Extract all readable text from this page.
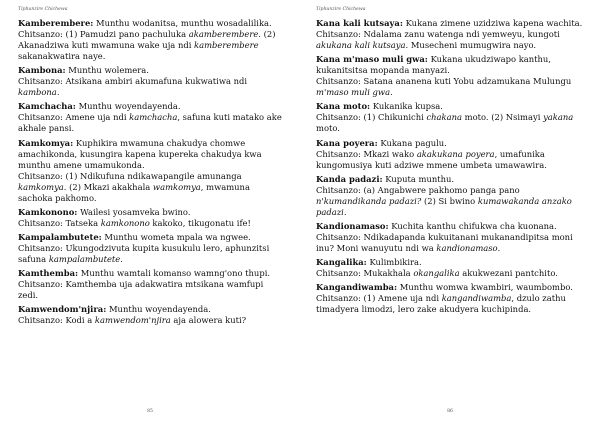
Tiphunzire Chichewa

Kamberembere: Munthu wodanitsa, munthu wosadalilika.

Chitsanzo: (1) Pamudzi pano pachuluka akamberembere. (2) Akanadziwa kuti mwamuna wake uja ndi kamberembere sakanakwatira naye.

Kambona: Munthu wolemera.

Chitsanzo: Atsikana ambiri akumafuna kukwatiwa ndi kambona.

Kamchacha: Munthu woyendayenda.

Chitsanzo: Amene uja ndi kamchacha, safuna kuti matako ake akhale pansi.

Kamkomya: Kuphikira mwamuna chakudya chomwe amachikonda, kusungira kapena kupereka chakudya kwa munthu amene umamukonda.

Chitsanzo: (1) Ndikufuna ndikawapangile amunanga kamkomya. (2) Mkazi akakhala wamkomya, mwamuna sachoka pakhomo.

Kamkonono: Wailesi yosamveka bwino.

Chitsanzo: Tatseka kamkonono kakoko, tikugonatu ife!

Kampalambutete: Munthu wometa mpala wa ngwee.

Chitsanzo: Ukungodzivuta kupita kusukulu lero, aphunzitsi safuna kampalambutete.

Kamthemba: Munthu wamtali komanso wamng'ono thupi.

Chitsanzo: Kamthemba uja adakwatira mtsikana wamfupi zedi.

Kamwendom'njira: Munthu woyendayenda.

Chitsanzo: Kodi a kamwendom'njira aja alowera kuti?

85
Tiphunzire Chichewa

Kana kali kutsaya: Kukana zimene uzidziwa kapena wachita.

Chitsanzo: Ndalama zanu watenga ndi yemweyu, kungoti akukana kali kutsaya. Musecheni mumugwira nayo.

Kana m'maso muli gwa: Kukana ukudziwapo kanthu, kukanitsitsa mopanda manyazi.

Chitsanzo: Satana ananena kuti Yobu adzamukana Mulungu m'maso muli gwa.

Kana moto: Kukanika kupsa.

Chitsanzo: (1) Chikunichi chakana moto. (2) Nsimayi yakana moto.

Kana poyera: Kukana pagulu.

Chitsanzo: Mkazi wako akakukana poyera, umafunika kungomusiya kuti adziwe mmene umbeta umawawira.

Kanda padazi: Kuputa munthu.

Chitsanzo: (a) Angabwere pakhomo panga pano n'kumandikanda padazi? (2) Si bwino kumawakanda anzako padazi.

Kandionamaso: Kuchita kanthu chifukwa cha kuonana.

Chitsanzo: Ndikadapanda kukuitanani mukanandipitsa moni inu? Moni wanuyutu ndi wa kandionamaso.

Kangalika: Kulimbikira.

Chitsanzo: Mukakhala okangalika akukwezani pantchito.

Kangandiwamba: Munthu womwa kwambiri, waumbombo.

Chitsanzo: (1) Amene uja ndi kangandiwamba, dzulo zathu timadyera limodzi, lero zake akudyera kuchipinda.

86
